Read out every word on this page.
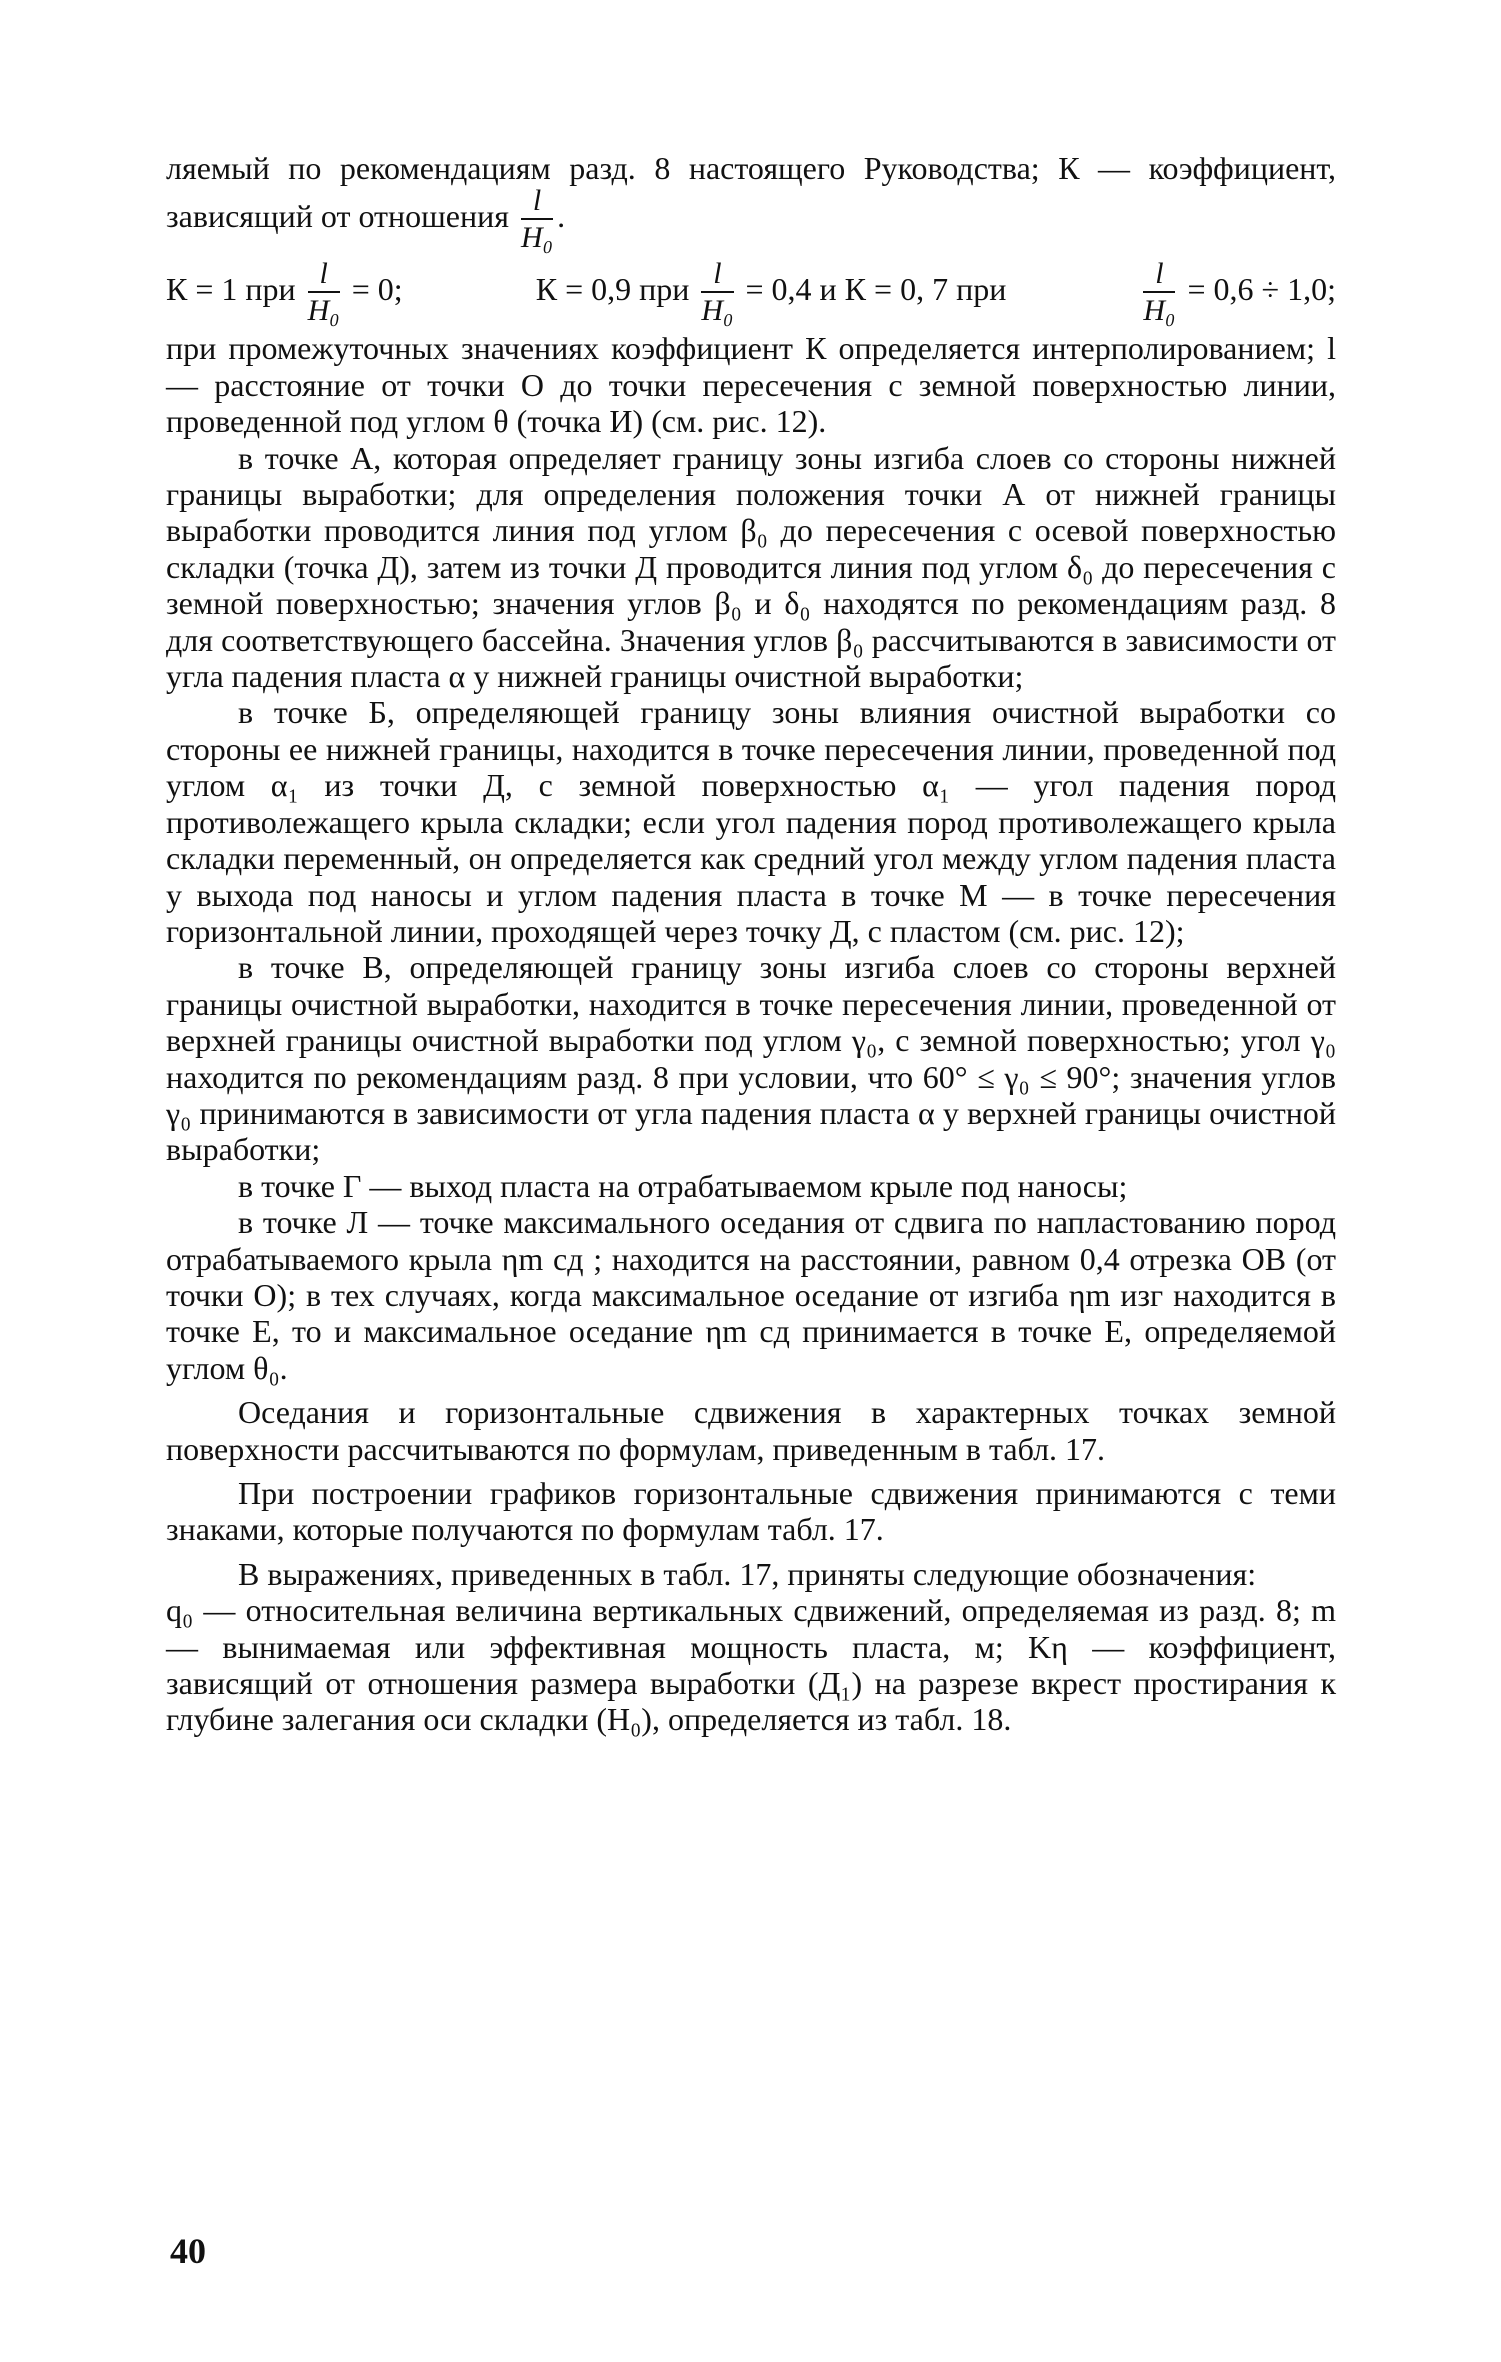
ляемый по рекомендациям разд. 8 настоящего Руководства; К — коэффициент, зависящий от отношения $\frac{l}{\text{H₀}}$ .

К = 1 при $\frac{l}{\text{H₀}} = 0$;	К = 0,9 при $\frac{l}{\text{H₀}} = 0,4$ и К = 0, 7 при	$\frac{l}{\text{H₀}} = 0,6 \div 1,0$;

при промежуточных значениях коэффициент К определяется интерполированием; l — расстояние от точки О до точки пересечения с земной поверхностью линии, проведенной под углом θ (точка И) (см. рис. 12).

в точке А, которая определяет границу зоны изгиба слоев со стороны нижней границы выработки; для определения положения точки А от нижней границы выработки проводится линия под углом β₀ до пересечения с осевой поверхностью складки (точка Д), затем из точки Д проводится линия под углом δ₀ до пересечения с земной поверхностью; значения углов β₀ и δ₀ находятся по рекомендациям разд. 8 для соответствующего бассейна. Значения углов β₀ рассчитываются в зависимости от угла падения пласта α у нижней границы очистной выработки;

в точке Б, определяющей границу зоны влияния очистной выработки со стороны ее нижней границы, находится в точке пересечения линии, проведенной под углом α₁ из точки Д, с земной поверхностью α₁ — угол падения пород противолежащего крыла складки; если угол падения пород противолежащего крыла складки переменный, он определяется как средний угол между углом падения пласта у выхода под наносы и углом падения пласта в точке М — в точке пересечения горизонтальной линии, проходящей через точку Д, с пластом (см. рис. 12);

в точке В, определяющей границу зоны изгиба слоев со стороны верхней границы очистной выработки, находится в точке пересечения линии, проведенной от верхней границы очистной выработки под углом γ₀, с земной поверхностью; угол γ₀ находится по рекомендациям разд. 8 при условии, что 60° ≤ γ₀ ≤ 90°; значения углов γ₀ принимаются в зависимости от угла падения пласта α у верхней границы очистной выработки;

в точке Г — выход пласта на отрабатываемом крыле под наносы;

в точке Л — точке максимального оседания от сдвига по напластованию пород отрабатываемого крыла ηm сд ; находится на расстоянии, равном 0,4 отрезка ОВ (от точки О); в тех случаях, когда максимальное оседание от изгиба ηm изг находится в точке Е, то и максимальное оседание ηm сд принимается в точке Е, определяемой углом θ₀.

Оседания и горизонтальные сдвижения в характерных точках земной поверхности рассчитываются по формулам, приведенным в табл. 17.

При построении графиков горизонтальные сдвижения принимаются с теми знаками, которые получаются по формулам табл. 17.

В выражениях, приведенных в табл. 17, приняты следующие обозначения:

q₀ — относительная величина вертикальных сдвижений, определяемая из разд. 8; m — вынимаемая или эффективная мощность пласта, м; Kη — коэффициент, зависящий от отношения размера выработки (Д₁) на разрезе вкрест простирания к глубине залегания оси складки (H₀), определяется из табл. 18.

40
